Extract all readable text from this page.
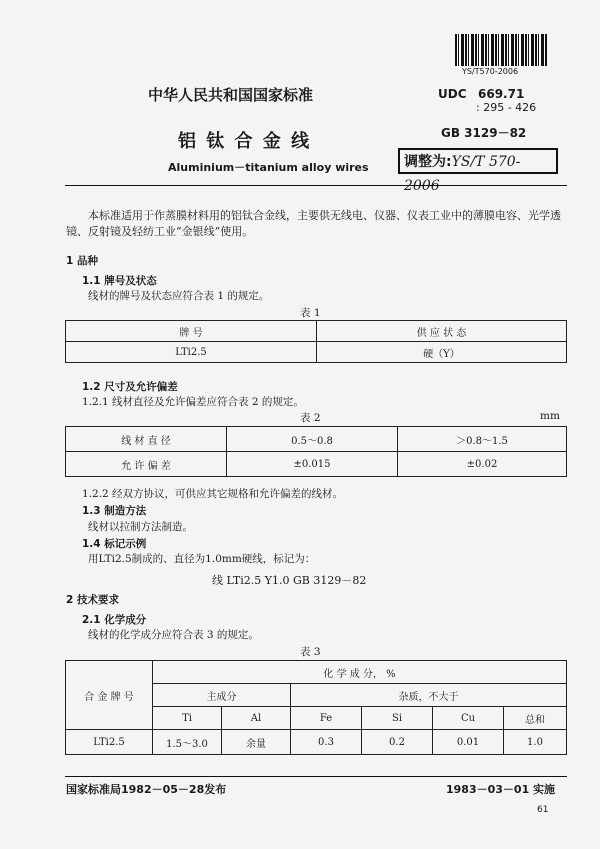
YS/T570-2006
中华人民共和国国家标准	UDC 669.71
: 295 - 426
铝 钛 合 金 线	GB 3129－82
Aluminium－titanium alloy wires	调整为:YS/T 570-2006
本标准适用于作蒸膜材料用的铝钛合金线，主要供无线电、仪器、仪表工业中的薄膜电容、光学透镜、反射镜及轻纺工业“金银线”使用。
1 品种
1.1 牌号及状态
线材的牌号及状态应符合表 1 的规定。
表 1
牌 号	供 应 状 态
LTi2.5	硬（Y）
1.2 尺寸及允许偏差
1.2.1 线材直径及允许偏差应符合表 2 的规定。
表 2	mm
线 材 直 径	0.5～0.8	＞0.8～1.5
允 许 偏 差	±0.015	±0.02
1.2.2 经双方协议，可供应其它规格和允许偏差的线材。
1.3 制造方法
线材以拉制方法制造。
1.4 标记示例
用LTi2.5制成的、直径为1.0mm硬线，标记为：
线 LTi2.5 Y1.0 GB 3129－82
2 技术要求
2.1 化学成分
线材的化学成分应符合表 3 的规定。
表 3
合 金 牌 号	化 学 成 分， %					
	主成分		杂质，不大于			
	Ti	Al	Fe	Si	Cu	总和
LTi2.5	1.5～3.0	余量	0.3	0.2	0.01	1.0
国家标准局1982－05－28发布	1983－03－01 实施
61
